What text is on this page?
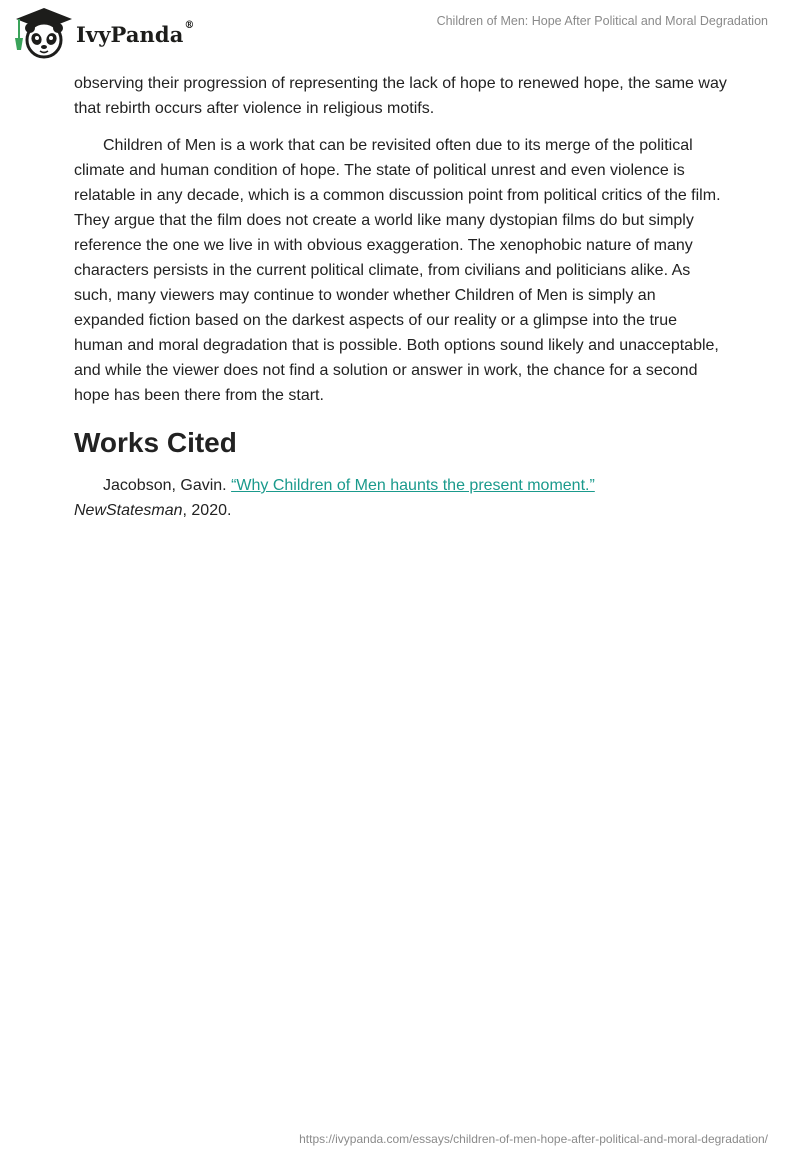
IvyPanda®	Children of Men: Hope After Political and Moral Degradation

observing their progression of representing the lack of hope to renewed hope, the same way that rebirth occurs after violence in religious motifs.

Children of Men is a work that can be revisited often due to its merge of the political climate and human condition of hope. The state of political unrest and even violence is relatable in any decade, which is a common discussion point from political critics of the film. They argue that the film does not create a world like many dystopian films do but simply reference the one we live in with obvious exaggeration. The xenophobic nature of many characters persists in the current political climate, from civilians and politicians alike. As such, many viewers may continue to wonder whether Children of Men is simply an expanded fiction based on the darkest aspects of our reality or a glimpse into the true human and moral degradation that is possible. Both options sound likely and unacceptable, and while the viewer does not find a solution or answer in work, the chance for a second hope has been there from the start.

Works Cited

Jacobson, Gavin. “Why Children of Men haunts the present moment.”
NewStatesman, 2020.

https://ivypanda.com/essays/children-of-men-hope-after-political-and-moral-degradation/
